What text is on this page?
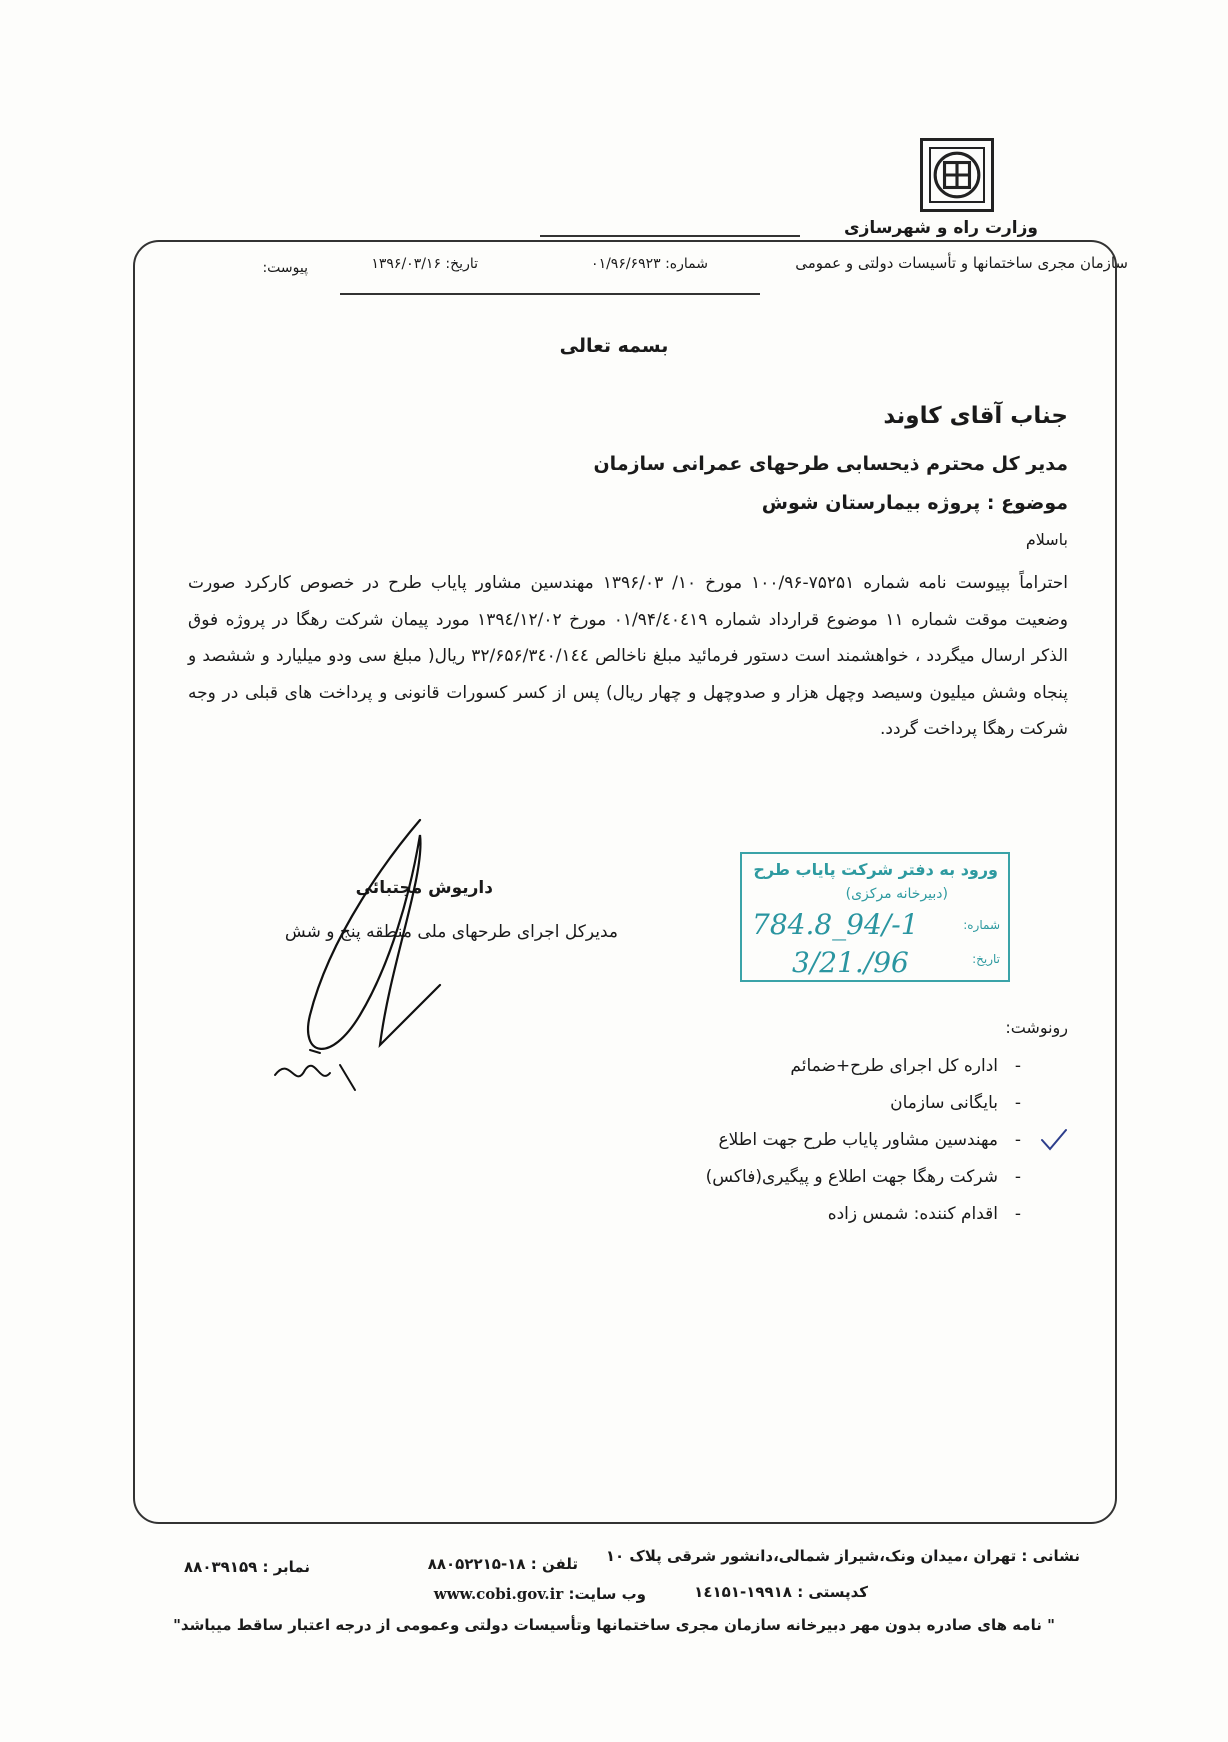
وزارت راه و شهرسازی
سازمان مجری ساختمانها و تأسیسات دولتی و عمومی
شماره: ۰۱/۹۶/۶۹۲۳
تاریخ: ۱۳۹۶/۰۳/۱۶
پیوست:
بسمه تعالی
جناب آقای کاوند
مدیر کل محترم ذیحسابی طرحهای عمرانی سازمان
موضوع : پروژه بیمارستان شوش
باسلام
احتراماً بپیوست نامه شماره ۷۵۲۵۱-۱۰۰/۹۶ مورخ ۱۰/ ۱۳۹۶/۰۳ مهندسین مشاور پایاب طرح در خصوص کارکرد صورت وضعیت موقت شماره ۱۱ موضوع قرارداد شماره ۰۱/۹۴/٤۰٤۱۹ مورخ ۱۳۹٤/۱۲/۰۲ مورد پیمان شرکت رهگا در پروژه فوق الذکر ارسال میگردد ، خواهشمند است دستور فرمائید مبلغ ناخالص ۳۲/۶۵۶/۳٤۰/۱٤٤ ریال( مبلغ سی ودو میلیارد و ششصد و پنجاه وشش میلیون وسیصد وچهل هزار و صدوچهل و چهار ریال) پس از کسر کسورات قانونی و پرداخت های قبلی در وجه شرکت رهگا پرداخت گردد.
داریوش مجتبائی
مدیرکل اجرای طرحهای ملی منطقه پنج و شش
ورود به دفتر شرکت پایاب طرح
(دبیرخانه مرکزی)
شماره:
1-/94_784.8
تاریخ:
96/.3/21
رونوشت:
-
اداره کل اجرای طرح+ضمائم
-
بایگانی سازمان
-
مهندسین مشاور پایاب طرح جهت اطلاع
-
شرکت رهگا جهت اطلاع و پیگیری(فاکس)
-
اقدام کننده: شمس زاده
نشانی : تهران ،میدان ونک،شیراز شمالی،دانشور شرقی پلاک ۱۰
کدپستی : ۱۹۹۱۸-۱٤۱۵۱
تلفن : ۱۸-۸۸۰۵۲۲۱۵
وب سایت: www.cobi.gov.ir
نمابر : ۸۸۰۳۹۱۵۹
" نامه های صادره بدون مهر دبیرخانه سازمان مجری ساختمانها وتأسیسات دولتی وعمومی از درجه اعتبار ساقط میباشد"
